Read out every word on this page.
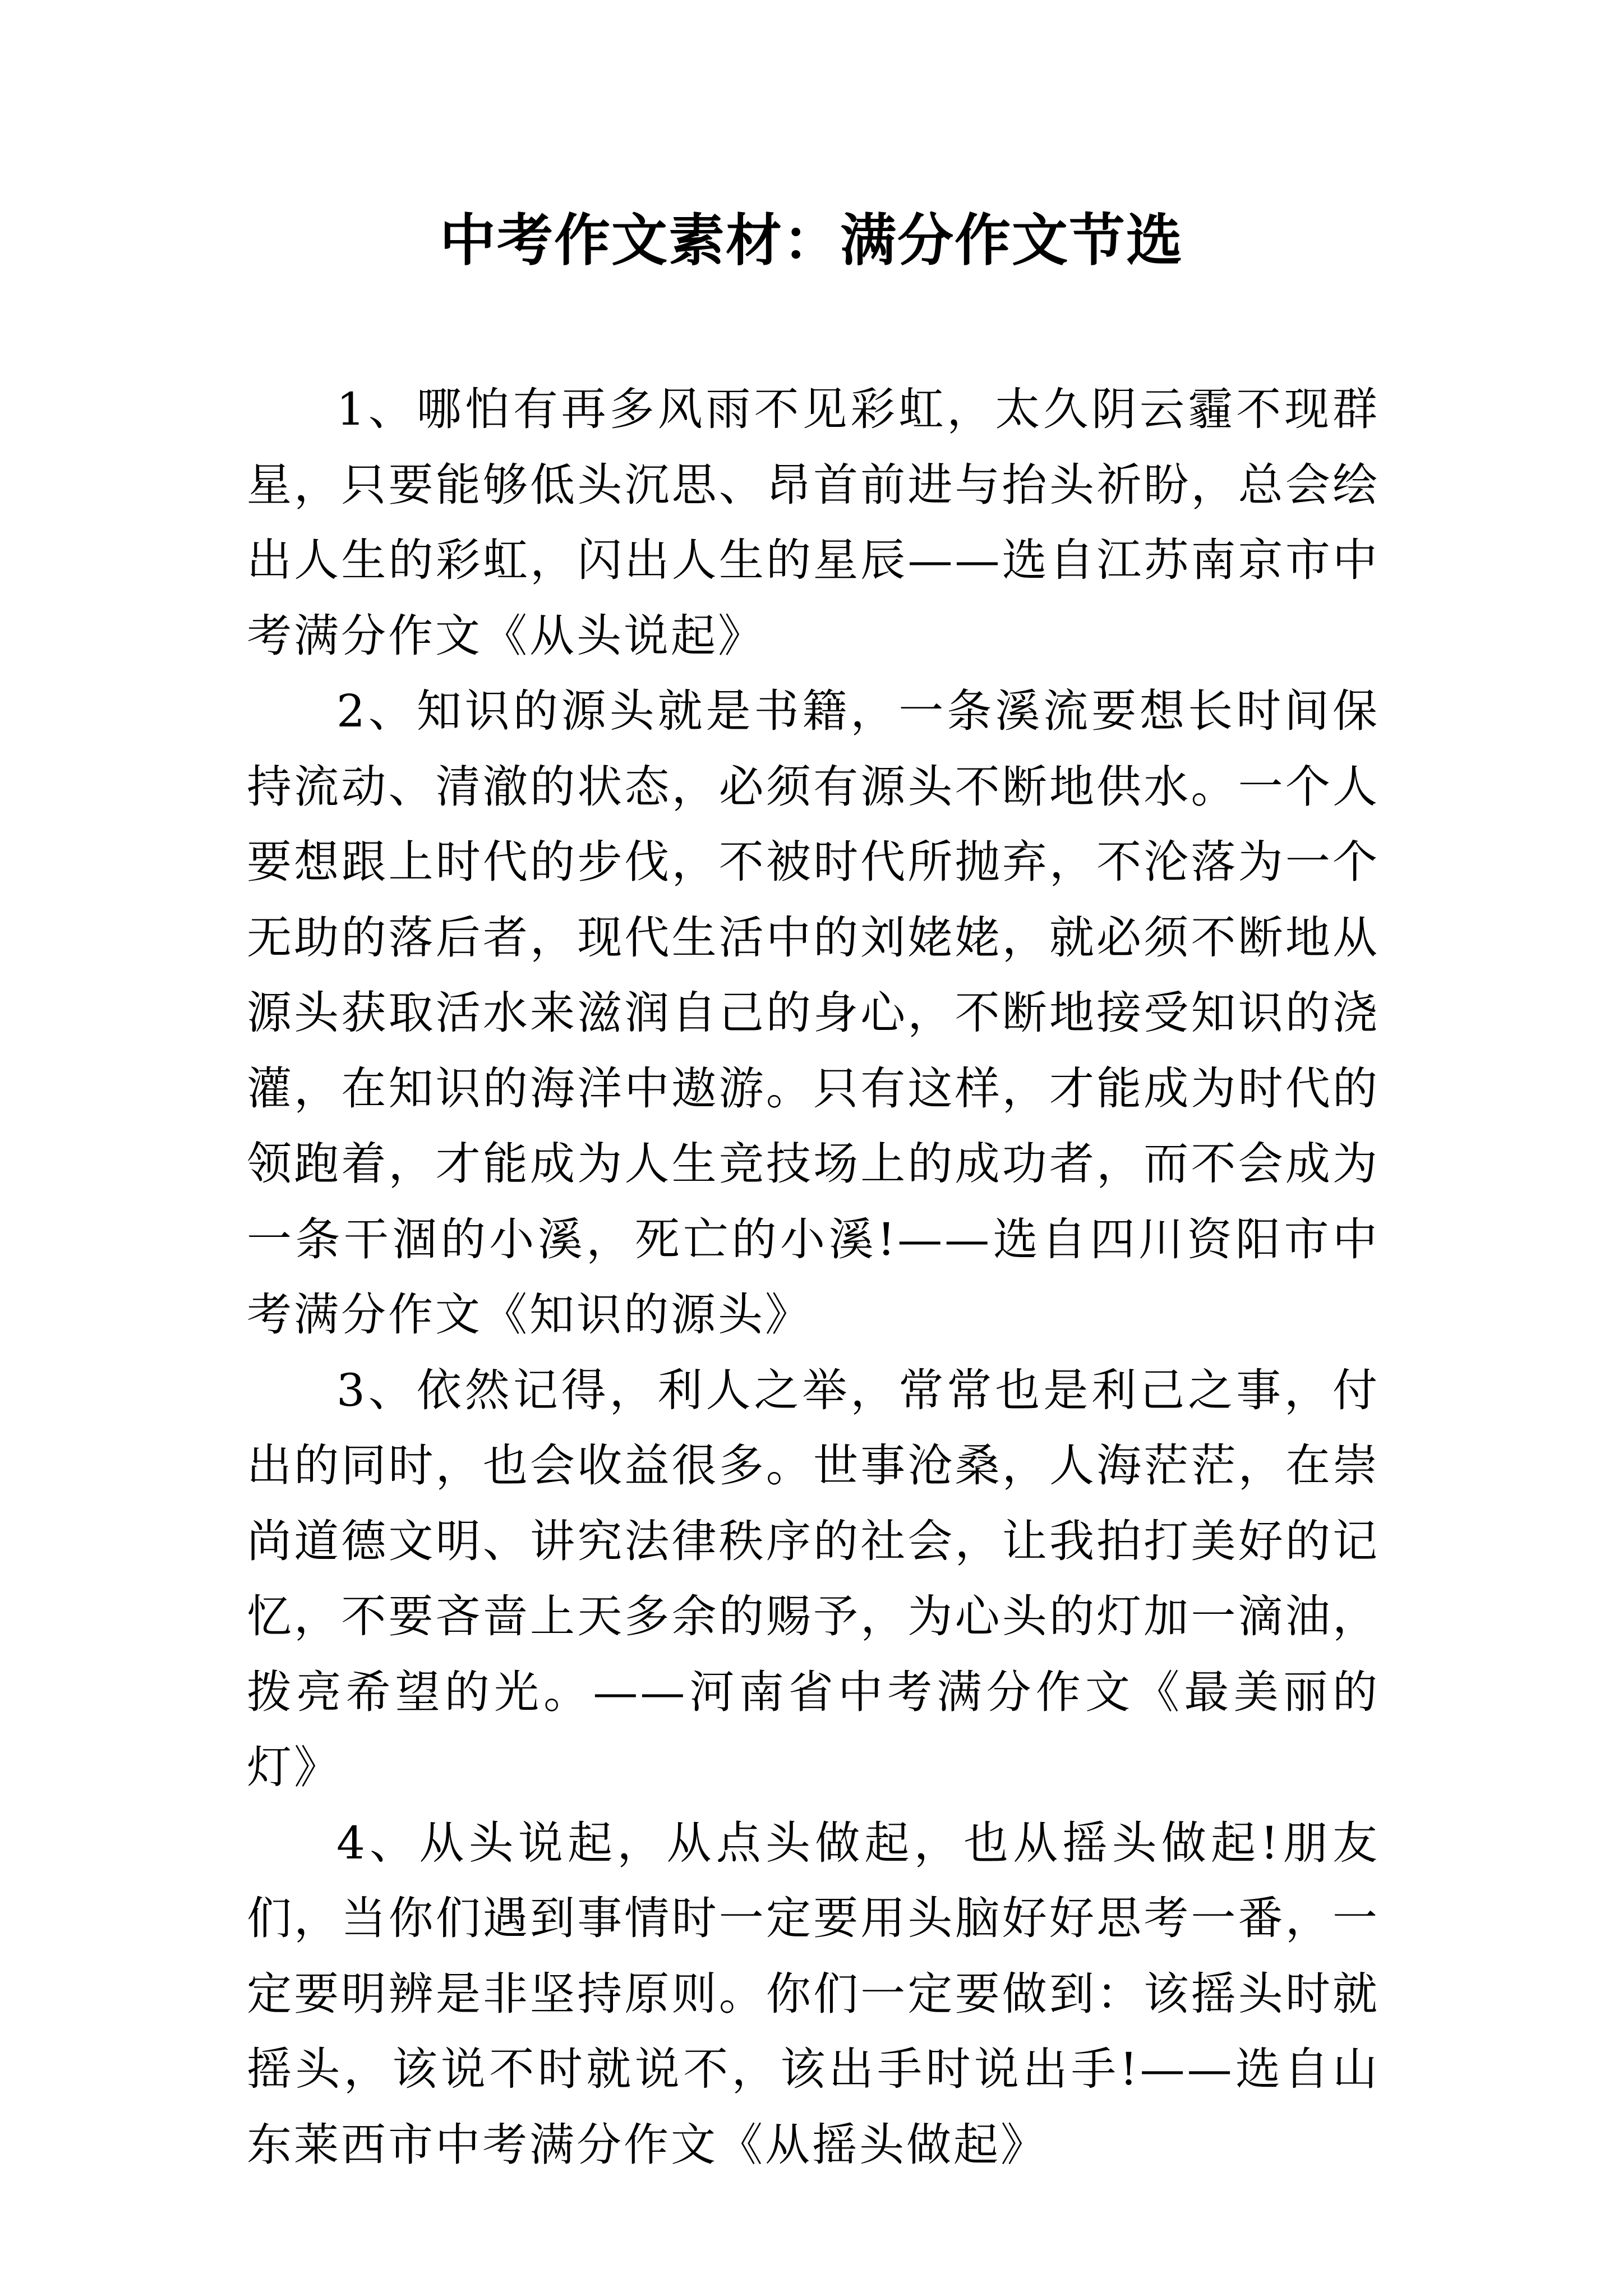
中考作文素材：满分作文节选

1、哪怕有再多风雨不见彩虹，太久阴云霾不现群星，只要能够低头沉思、昂首前进与抬头祈盼，总会绘出人生的彩虹，闪出人生的星辰——选自江苏南京市中考满分作文《从头说起》

2、知识的源头就是书籍，一条溪流要想长时间保持流动、清澈的状态，必须有源头不断地供水。一个人要想跟上时代的步伐，不被时代所抛弃，不沦落为一个无助的落后者，现代生活中的刘姥姥，就必须不断地从源头获取活水来滋润自己的身心，不断地接受知识的浇灌，在知识的海洋中遨游。只有这样，才能成为时代的领跑着，才能成为人生竞技场上的成功者，而不会成为一条干涸的小溪，死亡的小溪!——选自四川资阳市中考满分作文《知识的源头》

3、依然记得，利人之举，常常也是利己之事，付出的同时，也会收益很多。世事沧桑，人海茫茫，在崇尚道德文明、讲究法律秩序的社会，让我拍打美好的记忆，不要吝啬上天多余的赐予，为心头的灯加一滴油，拨亮希望的光。——河南省中考满分作文《最美丽的灯》

4、从头说起，从点头做起，也从摇头做起!朋友们，当你们遇到事情时一定要用头脑好好思考一番，一定要明辨是非坚持原则。你们一定要做到：该摇头时就摇头，该说不时就说不，该出手时说出手!——选自山东莱西市中考满分作文《从摇头做起》
